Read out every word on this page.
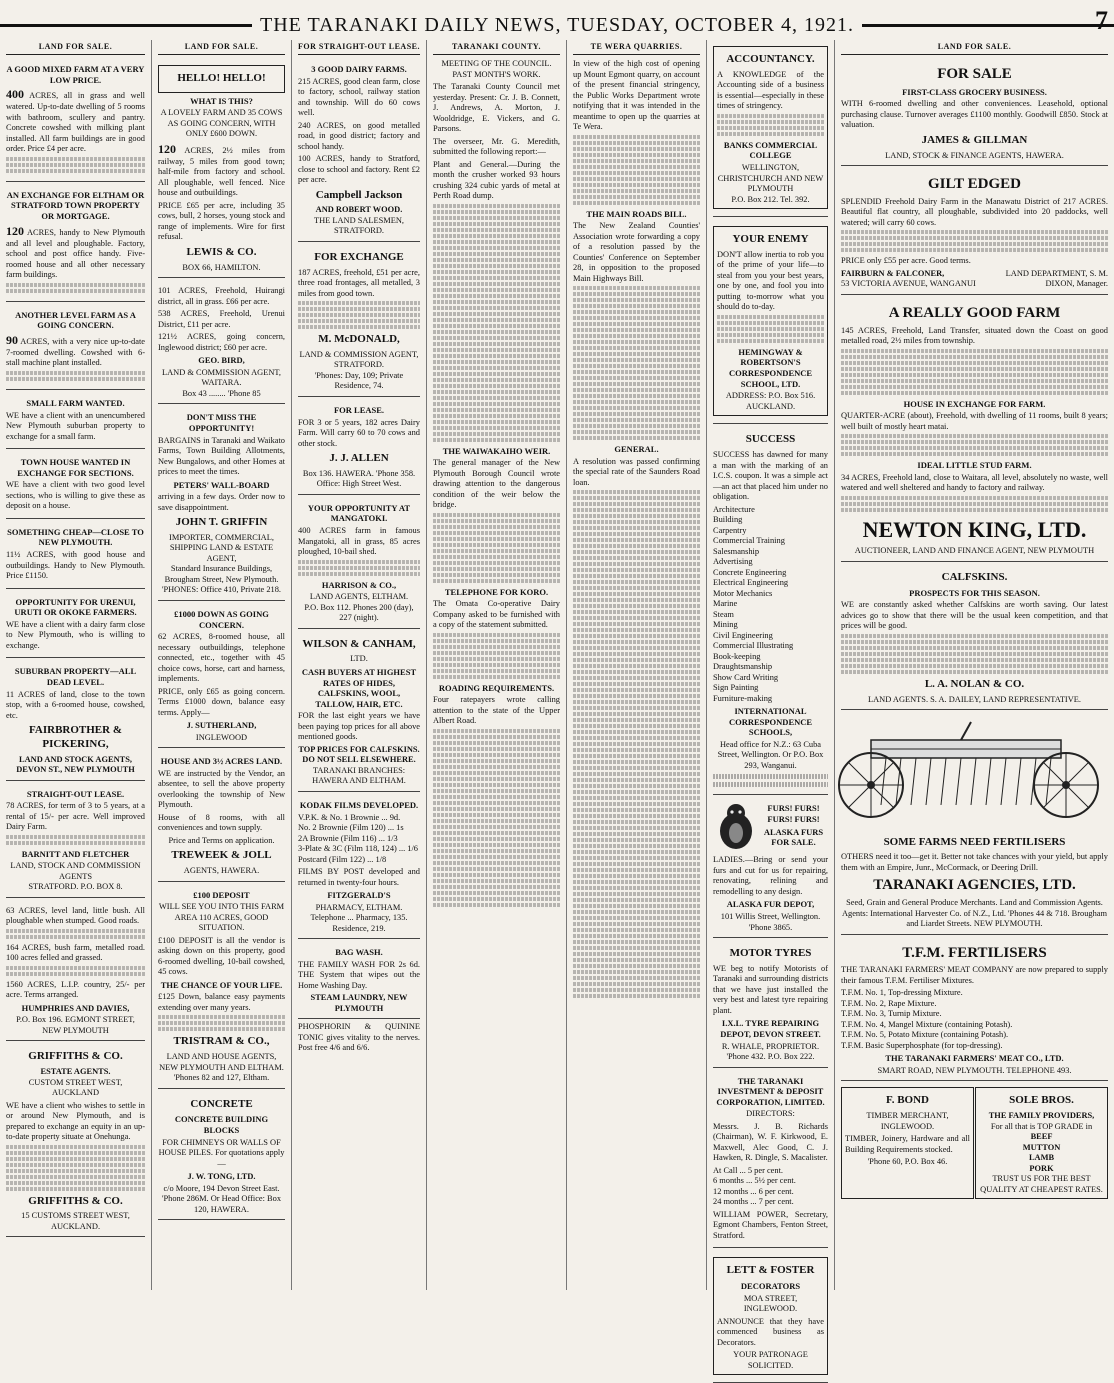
THE TARANAKI DAILY NEWS, TUESDAY, OCTOBER 4, 1921.	7
LAND FOR SALE.
A GOOD MIXED FARM AT A VERY LOW PRICE.

400 ACRES, all in grass and well watered. Up-to-date dwelling of 5 rooms with bathroom, scullery and pantry. Concrete cowshed with milking plant installed. All farm buildings are in good order. Price £4 per acre.

AN EXCHANGE FOR ELTHAM OR STRATFORD TOWN PROPERTY OR MORTGAGE.

120 ACRES, handy to New Plymouth and all level and ploughable. Factory, school and post office handy. Five-roomed house and all other necessary farm buildings.

ANOTHER LEVEL FARM AS A GOING CONCERN.

90 ACRES, with a very nice up-to-date 7-roomed dwelling. Cowshed with 6-stall machine plant installed.

SMALL FARM WANTED.

WE have a client with an unencumbered New Plymouth suburban property to exchange for a small farm.

TOWN HOUSE WANTED IN EXCHANGE FOR SECTIONS.

WE have a client with two good level sections, who is willing to give these as deposit on a house.

SOMETHING CHEAP—CLOSE TO NEW PLYMOUTH.

11½ ACRES, with good house and outbuildings. Handy to New Plymouth. Price £1150.

OPPORTUNITY FOR URENUI, URUTI OR OKOKE FARMERS.

WE have a client with a dairy farm close to New Plymouth, who is willing to exchange.

SUBURBAN PROPERTY—ALL DEAD LEVEL.

11 ACRES of land, close to the town stop, with a 6-roomed house, cowshed, etc.

FAIRBROTHER & PICKERING,
LAND AND STOCK AGENTS,
DEVON ST., NEW PLYMOUTH
STRAIGHT-OUT LEASE.

78 ACRES, for term of 3 to 5 years, at a rental of 15/- per acre. Well improved Dairy Farm.

BARNITT AND FLETCHER
LAND, STOCK AND COMMISSION AGENTS
STRATFORD. P.O. BOX 8.

63 ACRES, level land, little bush. All ploughable when stumped. Good roads.

164 ACRES, bush farm, metalled road. 100 acres felled and grassed.

1560 ACRES, L.I.P. country, 25/- per acre. Terms arranged.

HUMPHRIES AND DAVIES,
P.O. Box 196. EGMONT STREET, NEW PLYMOUTH
GRIFFITHS & CO.
ESTATE AGENTS.
CUSTOM STREET WEST, AUCKLAND

WE have a client who wishes to settle in or around New Plymouth, and is prepared to exchange an equity in an up-to-date property situate at Onehunga.

GRIFFITHS & CO.
15 CUSTOMS STREET WEST, AUCKLAND.
LAND FOR SALE.
HELLO! HELLO!
WHAT IS THIS?
A LOVELY FARM AND 35 COWS AS GOING CONCERN, WITH ONLY £600 DOWN.

120 ACRES, 2½ miles from railway, 5 miles from good town; half-mile from factory and school. All ploughable, well fenced. Nice house and outbuildings.

PRICE £65 per acre, including 35 cows, bull, 2 horses, young stock and range of implements. Wire for first refusal.

LEWIS & CO.
BOX 66, HAMILTON.

101 ACRES, Freehold, Huirangi district, all in grass. £66 per acre.

538 ACRES, Freehold, Urenui District, £11 per acre.

121½ ACRES, going concern, Inglewood district; £60 per acre.

GEO. BIRD,
LAND & COMMISSION AGENT, WAITARA.
Box 43 ........ 'Phone 85
DON'T MISS THE OPPORTUNITY!

BARGAINS in Taranaki and Waikato Farms, Town Building Allotments, New Bungalows, and other Homes at prices to meet the times.

PETERS' WALL-BOARD

arriving in a few days. Order now to save disappointment.

JOHN T. GRIFFIN
IMPORTER, COMMERCIAL, SHIPPING LAND & ESTATE AGENT,
Standard Insurance Buildings, Brougham Street, New Plymouth. 'PHONES: Office 410, Private 218.
£1000 DOWN AS GOING CONCERN.

62 ACRES, 8-roomed house, all necessary outbuildings, telephone connected, etc., together with 45 choice cows, horse, cart and harness, implements.

PRICE, only £65 as going concern. Terms £1000 down, balance easy terms. Apply—

J. SUTHERLAND,
INGLEWOOD
HOUSE AND 3½ ACRES LAND.

WE are instructed by the Vendor, an absentee, to sell the above property overlooking the township of New Plymouth.

House of 8 rooms, with all conveniences and town supply.

Price and Terms on application.
TREWEEK & JOLL
AGENTS, HAWERA.
£100 DEPOSIT
WILL SEE YOU INTO THIS FARM AREA 110 ACRES, GOOD SITUATION.

£100 DEPOSIT is all the vendor is asking down on this property, good 6-roomed dwelling, 10-bail cowshed, 45 cows.

THE CHANCE OF YOUR LIFE.

£125 Down, balance easy payments extending over many years.

TRISTRAM & CO.,
LAND AND HOUSE AGENTS, NEW PLYMOUTH AND ELTHAM.
'Phones 82 and 127, Eltham.
CONCRETE
CONCRETE BUILDING BLOCKS

FOR CHIMNEYS OR WALLS OF HOUSE PILES. For quotations apply—

J. W. TONG, LTD.
c/o Moore, 194 Devon Street East. 'Phone 286M. Or Head Office: Box 120, HAWERA.
FOR STRAIGHT-OUT LEASE.
3 GOOD DAIRY FARMS.

215 ACRES, good clean farm, close to factory, school, railway station and township. Will do 60 cows well.

240 ACRES, on good metalled road, in good district; factory and school handy.

100 ACRES, handy to Stratford, close to school and factory. Rent £2 per acre.

Campbell Jackson
AND ROBERT WOOD.
THE LAND SALESMEN, STRATFORD.
FOR EXCHANGE

187 ACRES, freehold, £51 per acre, three road frontages, all metalled, 3 miles from good town.

M. McDONALD,
LAND & COMMISSION AGENT, STRATFORD.
'Phones: Day, 109; Private Residence, 74.
FOR LEASE.

FOR 3 or 5 years, 182 acres Dairy Farm. Will carry 60 to 70 cows and other stock.

J. J. ALLEN
Box 136. HAWERA. 'Phone 358. Office: High Street West.
YOUR OPPORTUNITY AT MANGATOKI.

400 ACRES farm in famous Mangatoki, all in grass, 85 acres ploughed, 10-bail shed.

HARRISON & CO.,
LAND AGENTS, ELTHAM.
P.O. Box 112. Phones 200 (day), 227 (night).
WILSON & CANHAM,
LTD.
CASH BUYERS AT HIGHEST RATES OF HIDES, CALFSKINS, WOOL, TALLOW, HAIR, ETC.

FOR the last eight years we have been paying top prices for all above mentioned goods.

TOP PRICES FOR CALFSKINS. DO NOT SELL ELSEWHERE.
TARANAKI BRANCHES: HAWERA AND ELTHAM.
KODAK FILMS DEVELOPED.
V.P.K. & No. 1 Brownie ... 9d.
No. 2 Brownie (Film 120) ... 1s
2A Brownie (Film 116) ... 1/3
3-Plate & 3C (Film 118, 124) ... 1/6
Postcard (Film 122) ... 1/8

FILMS BY POST developed and returned in twenty-four hours.

FITZGERALD'S
PHARMACY, ELTHAM.
Telephone ... Pharmacy, 135. Residence, 219.
BAG WASH.

THE FAMILY WASH FOR 2s 6d. THE System that wipes out the Home Washing Day.

STEAM LAUNDRY, NEW PLYMOUTH

PHOSPHORIN & QUININE TONIC gives vitality to the nerves. Post free 4/6 and 6/6.

TARANAKI COUNTY.
MEETING OF THE COUNCIL.
PAST MONTH'S WORK.

The Taranaki County Council met yesterday. Present: Cr. J. B. Connett, J. Andrews, A. Morton, J. Wooldridge, E. Vickers, and G. Parsons.

The overseer, Mr. G. Meredith, submitted the following report:—

Plant and General.—During the month the crusher worked 93 hours crushing 324 cubic yards of metal at Perth Road dump.

THE WAIWAKAIHO WEIR.

The general manager of the New Plymouth Borough Council wrote drawing attention to the dangerous condition of the weir below the bridge.

TELEPHONE FOR KORO.

The Omata Co-operative Dairy Company asked to be furnished with a copy of the statement submitted.

ROADING REQUIREMENTS.

Four ratepayers wrote calling attention to the state of the Upper Albert Road.

TE WERA QUARRIES.

In view of the high cost of opening up Mount Egmont quarry, on account of the present financial stringency, the Public Works Department wrote notifying that it was intended in the meantime to open up the quarries at Te Wera.

THE MAIN ROADS BILL.

The New Zealand Counties' Association wrote forwarding a copy of a resolution passed by the Counties' Conference on September 28, in opposition to the proposed Main Highways Bill.

GENERAL.

A resolution was passed confirming the special rate of the Saunders Road loan.

ACCOUNTANCY.

A KNOWLEDGE of the Accounting side of a business is essential—especially in these times of stringency.

BANKS COMMERCIAL COLLEGE
WELLINGTON, CHRISTCHURCH AND NEW PLYMOUTH
P.O. Box 212. Tel. 392.
YOUR ENEMY

DON'T allow inertia to rob you of the prime of your life—to steal from you your best years, one by one, and fool you into putting to-morrow what you should do to-day.

HEMINGWAY & ROBERTSON'S CORRESPONDENCE SCHOOL, LTD.
ADDRESS: P.O. Box 516. AUCKLAND.
SUCCESS

SUCCESS has dawned for many a man with the marking of an I.C.S. coupon. It was a simple act—an act that placed him under no obligation.

Architecture
Building
Carpentry
Commercial Training
Salesmanship
Advertising
Concrete Engineering
Electrical Engineering
Motor Mechanics
Marine
Steam
Mining
Civil Engineering
Commercial Illustrating
Book-keeping
Draughtsmanship
Show Card Writing
Sign Painting
Furniture-making
INTERNATIONAL CORRESPONDENCE SCHOOLS,
Head office for N.Z.: 63 Cuba Street, Wellington. Or P.O. Box 293, Wanganui.
FURS! FURS! FURS! FURS!
ALASKA FURS FOR SALE.

LADIES.—Bring or send your furs and cut for us for repairing, renovating, relining and remodelling to any design.

ALASKA FUR DEPOT,
101 Willis Street, Wellington. 'Phone 3865.
MOTOR TYRES

WE beg to notify Motorists of Taranaki and surrounding districts that we have just installed the very best and latest tyre repairing plant.

I.X.L. TYRE REPAIRING DEPOT, DEVON STREET.
R. WHALE, PROPRIETOR.
'Phone 432. P.O. Box 222.
THE TARANAKI INVESTMENT & DEPOSIT CORPORATION, LIMITED.
DIRECTORS:

Messrs. J. B. Richards (Chairman), W. F. Kirkwood, E. Maxwell, Alec Good, C. J. Hawken, R. Dingle, S. Macalister.

At Call ... 5 per cent.
6 months ... 5½ per cent.
12 months ... 6 per cent.
24 months ... 7 per cent.

WILLIAM POWER, Secretary, Egmont Chambers, Fenton Street, Stratford.

LETT & FOSTER
DECORATORS
MOA STREET, INGLEWOOD.

ANNOUNCE that they have commenced business as Decorators.

YOUR PATRONAGE SOLICITED.
LAND FOR SALE.
FOR SALE
FIRST-CLASS GROCERY BUSINESS.

WITH 6-roomed dwelling and other conveniences. Leasehold, optional purchasing clause. Turnover averages £1100 monthly. Goodwill £850. Stock at valuation.

JAMES & GILLMAN
LAND, STOCK & FINANCE AGENTS, HAWERA.
GILT EDGED

SPLENDID Freehold Dairy Farm in the Manawatu District of 217 ACRES. Beautiful flat country, all ploughable, subdivided into 20 paddocks, well watered; will carry 60 cows.

PRICE only £55 per acre. Good terms.

FAIRBURN & FALCONER,
53 VICTORIA AVENUE, WANGANUI
LAND DEPARTMENT, S. M. DIXON, Manager.
A REALLY GOOD FARM

145 ACRES, Freehold, Land Transfer, situated down the Coast on good metalled road, 2½ miles from township.

HOUSE IN EXCHANGE FOR FARM.

QUARTER-ACRE (about), Freehold, with dwelling of 11 rooms, built 8 years; well built of mostly heart matai.

IDEAL LITTLE STUD FARM.

34 ACRES, Freehold land, close to Waitara, all level, absolutely no waste, well watered and well sheltered and handy to factory and railway.

NEWTON KING, LTD.
AUCTIONEER, LAND AND FINANCE AGENT, NEW PLYMOUTH
CALFSKINS.
PROSPECTS FOR THIS SEASON.

WE are constantly asked whether Calfskins are worth saving. Our latest advices go to show that there will be the usual keen competition, and that prices will be good.

L. A. NOLAN & CO.
LAND AGENTS. S. A. DAILEY, LAND REPRESENTATIVE.
SOME FARMS NEED FERTILISERS

OTHERS need it too—get it. Better not take chances with your yield, but apply them with an Empire, Junr., McCormack, or Deering Drill.

TARANAKI AGENCIES, LTD.
Seed, Grain and General Produce Merchants. Land and Commission Agents.
Agents: International Harvester Co. of N.Z., Ltd. 'Phones 44 & 718. Brougham and Liardet Streets. NEW PLYMOUTH.
T.F.M. FERTILISERS

THE TARANAKI FARMERS' MEAT COMPANY are now prepared to supply their famous T.F.M. Fertiliser Mixtures.

T.F.M. No. 1, Top-dressing Mixture.
T.F.M. No. 2, Rape Mixture.
T.F.M. No. 3, Turnip Mixture.
T.F.M. No. 4, Mangel Mixture (containing Potash).
T.F.M. No. 5, Potato Mixture (containing Potash).
T.F.M. Basic Superphosphate (for top-dressing).
THE TARANAKI FARMERS' MEAT CO., LTD.
SMART ROAD, NEW PLYMOUTH. TELEPHONE 493.
F. BOND
TIMBER MERCHANT, INGLEWOOD.

TIMBER, Joinery, Hardware and all Building Requirements stocked.

'Phone 60, P.O. Box 46.
SOLE BROS.
THE FAMILY PROVIDERS,
For all that is TOP GRADE in
BEEF
MUTTON
LAMB
PORK
TRUST US FOR THE BEST QUALITY AT CHEAPEST RATES.
